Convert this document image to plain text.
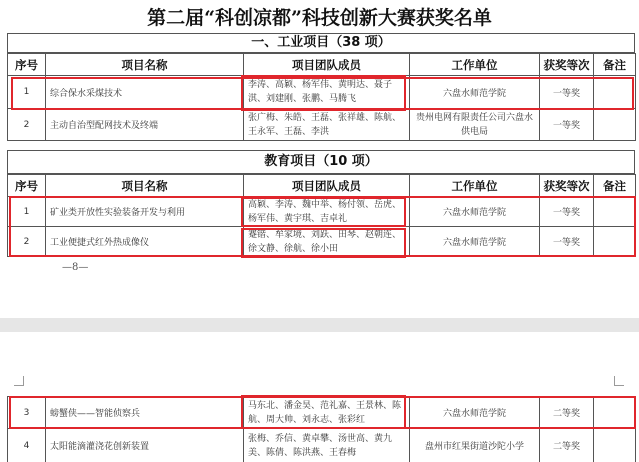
第二届“科创凉都”科技创新大赛获奖名单
一、工业项目（38 项）
序号	项目名称	项目团队成员	工作单位	获奖等次	备注
1	综合保水采煤技术	李涛、高颖、杨军伟、黄明达、聂子淇、刘建刚、张鹏、马腾飞	六盘水师范学院	一等奖	
2	主动自治型配网技术及终端	张广梅、朱皓、王磊、张祥雄、陈航、王永军、王磊、李洪	贵州电网有限责任公司六盘水供电局	一等奖	
教育项目（10 项）
序号	项目名称	项目团队成员	工作单位	获奖等次	备注
1	矿业类开放性实验装备开发与利用	高颖、李涛、魏中举、杨付领、岳虎、杨军伟、黄宇琪、吉卓礼	六盘水师范学院	一等奖	
2	工业便捷式红外热成像仪	蹇锴、牟家境、刘跃、田琴、赵朝连、徐文静、徐航、徐小田	六盘水师范学院	一等奖	
—8—
3	螃蟹侠——智能侦察兵	马东北、潘金昊、范礼嘉、王景林、陈航、周大帅、刘永志、张彩红	六盘水师范学院	二等奖	
4	太阳能滴灌浇花创新装置	张梅、乔信、黄卓攀、汤世高、黄九美、陈倩、陈洪燕、王春梅	盘州市红果街道沙陀小学	二等奖	
